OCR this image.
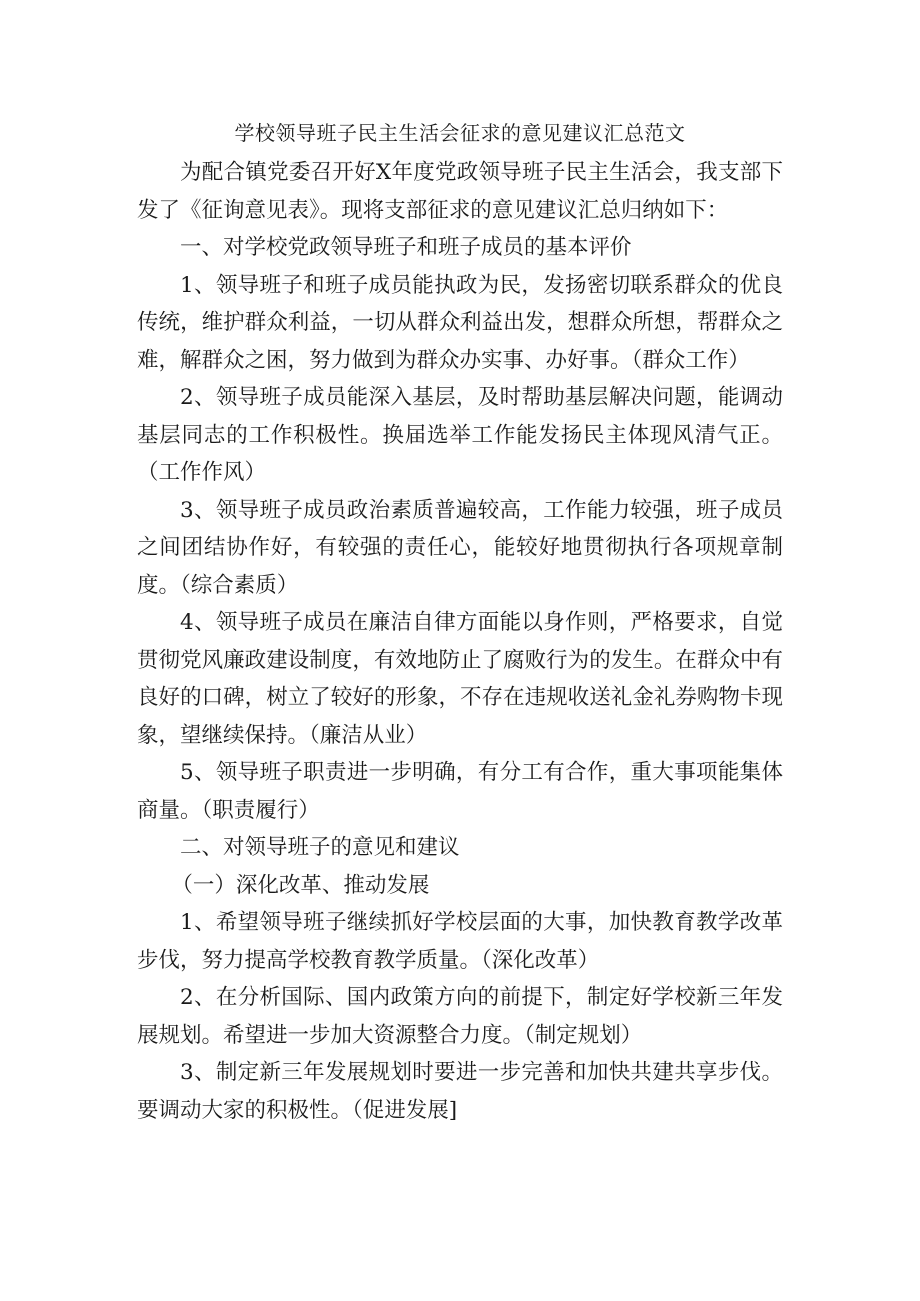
学校领导班子民主生活会征求的意见建议汇总范文

为配合镇党委召开好X年度党政领导班子民主生活会，我支部下发了《征询意见表》。现将支部征求的意见建议汇总归纳如下：

一、对学校党政领导班子和班子成员的基本评价

1、领导班子和班子成员能执政为民，发扬密切联系群众的优良传统，维护群众利益，一切从群众利益出发，想群众所想，帮群众之难，解群众之困，努力做到为群众办实事、办好事。（群众工作）

2、领导班子成员能深入基层，及时帮助基层解决问题，能调动基层同志的工作积极性。换届选举工作能发扬民主体现风清气正。（工作作风）

3、领导班子成员政治素质普遍较高，工作能力较强，班子成员之间团结协作好，有较强的责任心，能较好地贯彻执行各项规章制度。（综合素质）

4、领导班子成员在廉洁自律方面能以身作则，严格要求，自觉贯彻党风廉政建设制度，有效地防止了腐败行为的发生。在群众中有良好的口碑，树立了较好的形象，不存在违规收送礼金礼券购物卡现象，望继续保持。（廉洁从业）

5、领导班子职责进一步明确，有分工有合作，重大事项能集体商量。（职责履行）

二、对领导班子的意见和建议

（一）深化改革、推动发展

1、希望领导班子继续抓好学校层面的大事，加快教育教学改革步伐，努力提高学校教育教学质量。（深化改革）

2、在分析国际、国内政策方向的前提下，制定好学校新三年发展规划。希望进一步加大资源整合力度。（制定规划）

3、制定新三年发展规划时要进一步完善和加快共建共享步伐。要调动大家的积极性。（促进发展]
